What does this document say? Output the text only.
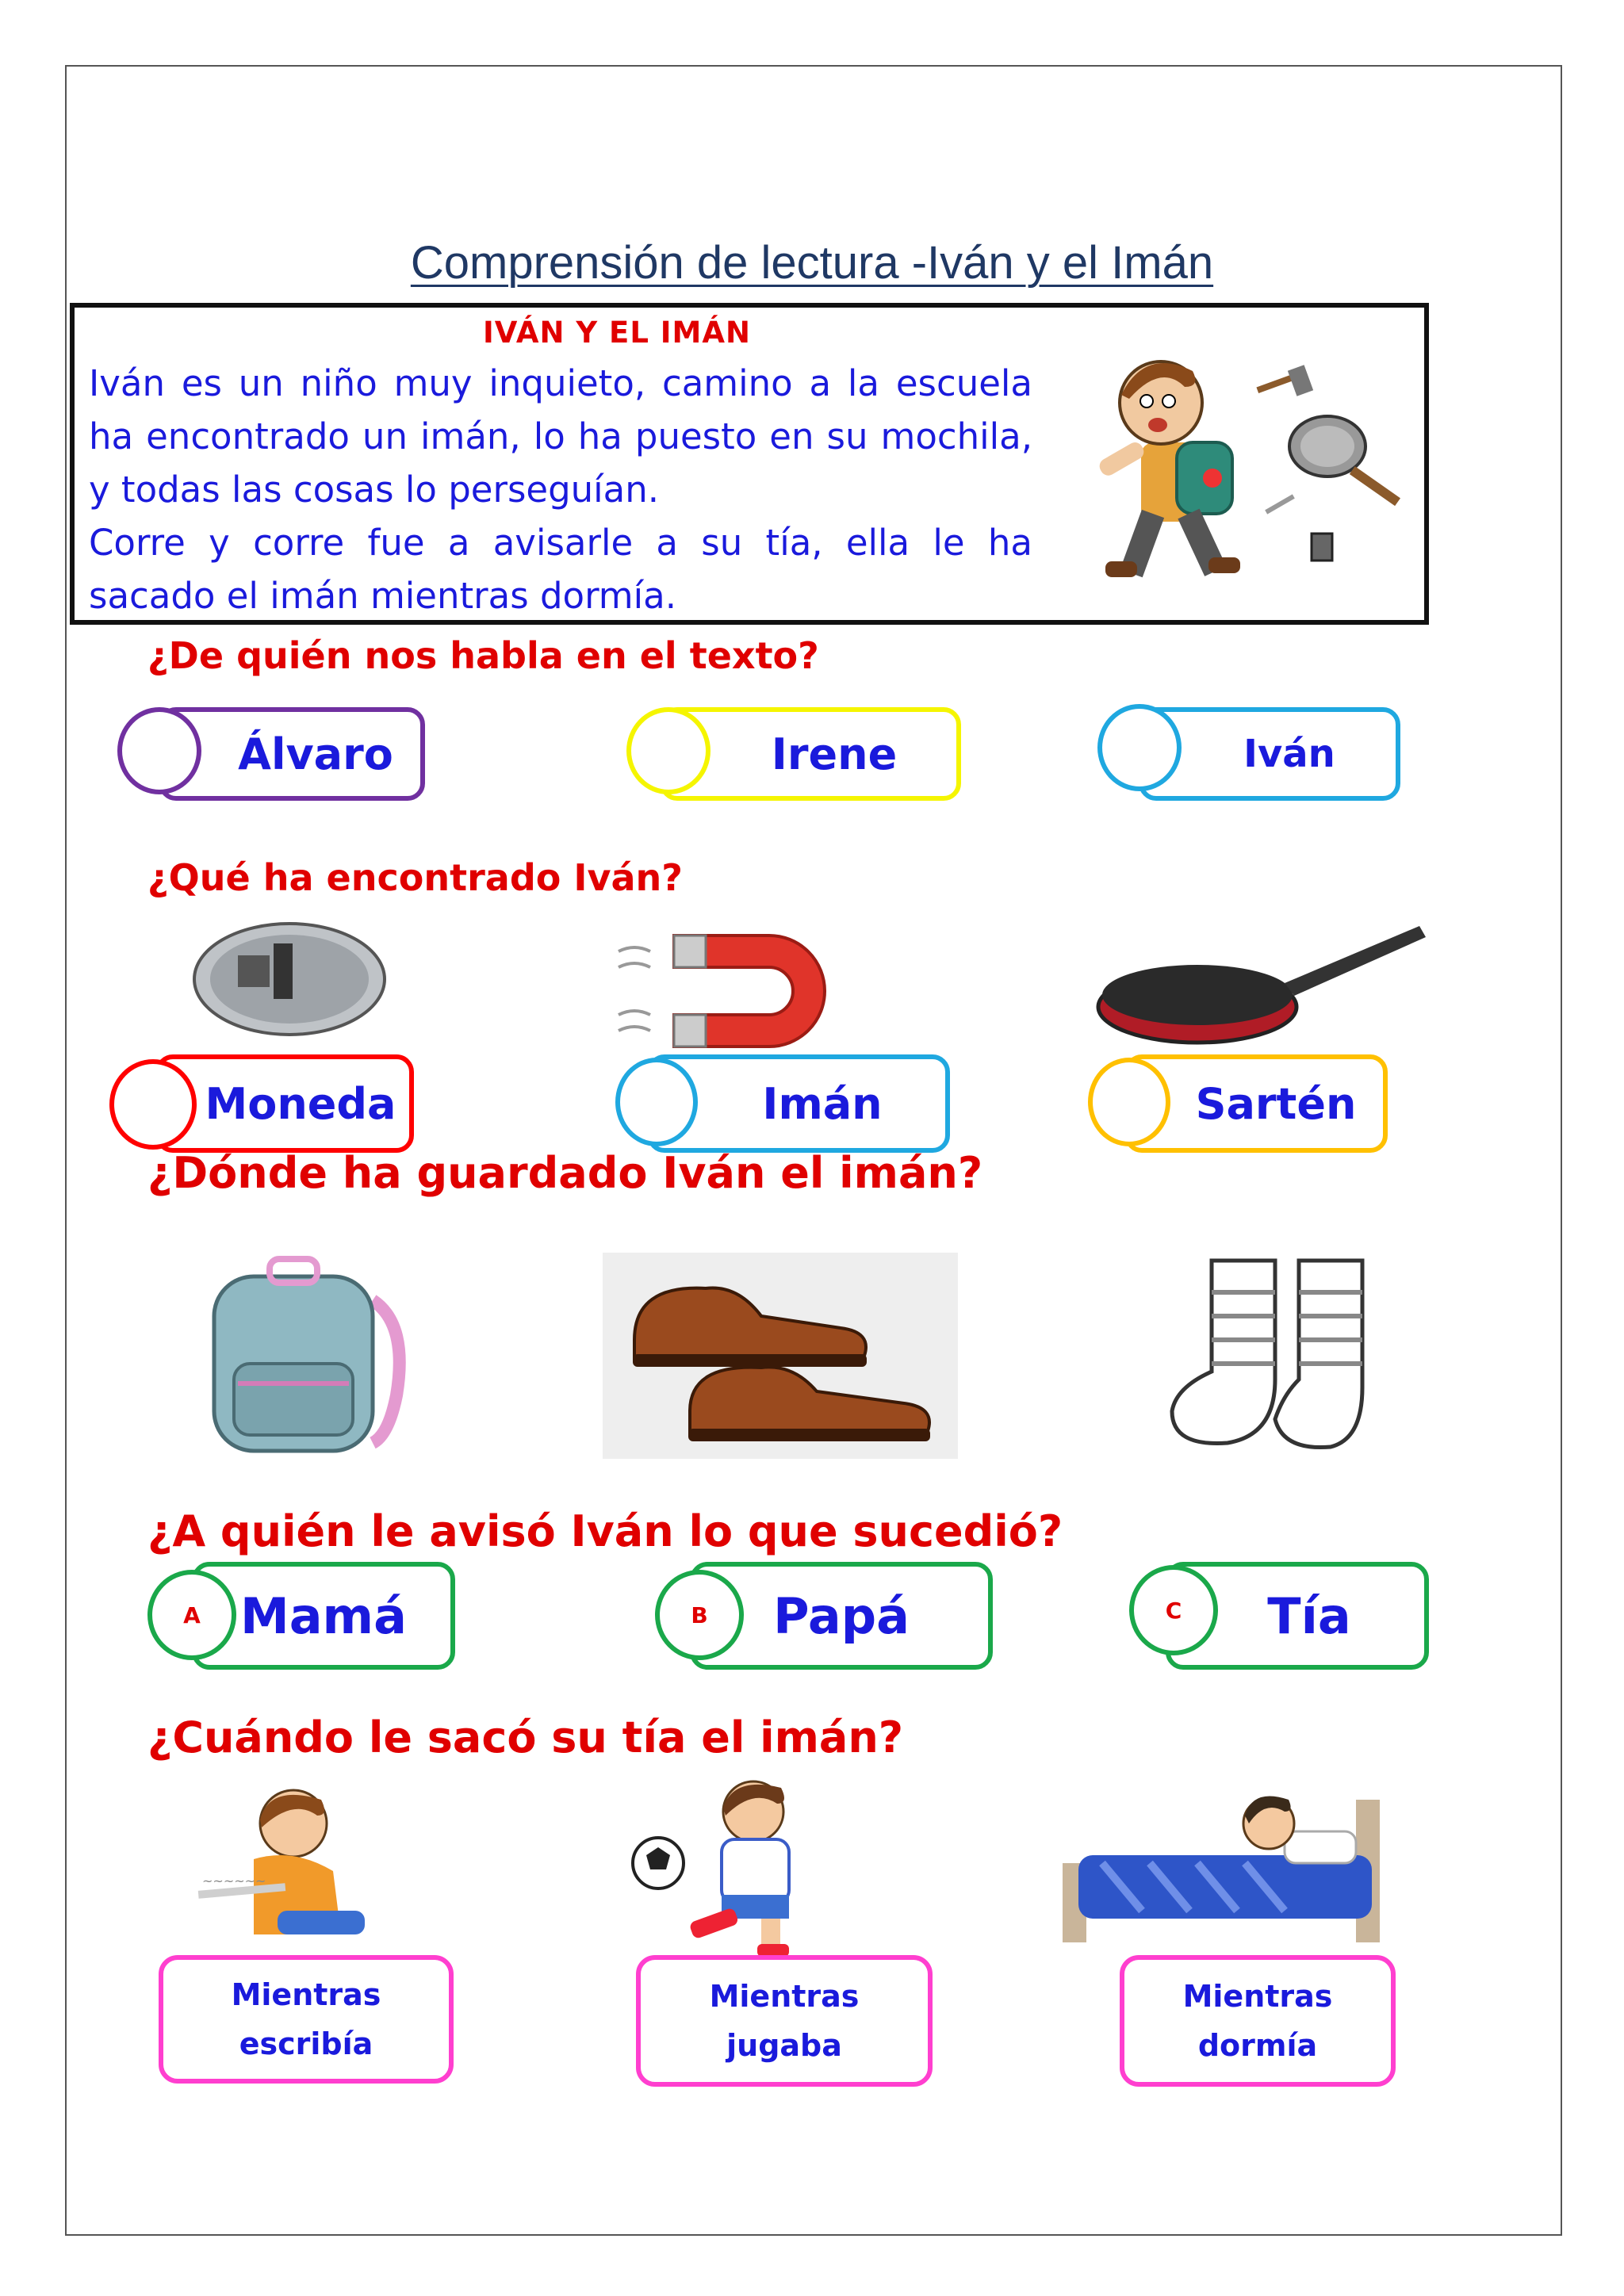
Comprensión de lectura -Iván y el Imán
IVÁN Y EL IMÁN
Iván es un niño muy inquieto, camino a la escuela ha encontrado un imán, lo ha puesto en su mochila, y todas las cosas lo perseguían.
Corre y corre fue a avisarle a su tía, ella le ha sacado el imán mientras dormía.
¿De quién nos habla en el texto?
Álvaro	Irene	Iván
¿Qué ha encontrado Iván?
Moneda	Imán	Sartén
¿Dónde ha guardado Iván el imán?
¿A quién le avisó Iván lo que sucedió?
Mamá
A	Papá
B	Tía
C
¿Cuándo le sacó su tía el imán?
~~~~~~
Mientras escribía
Mientras jugaba
Mientras dormía
